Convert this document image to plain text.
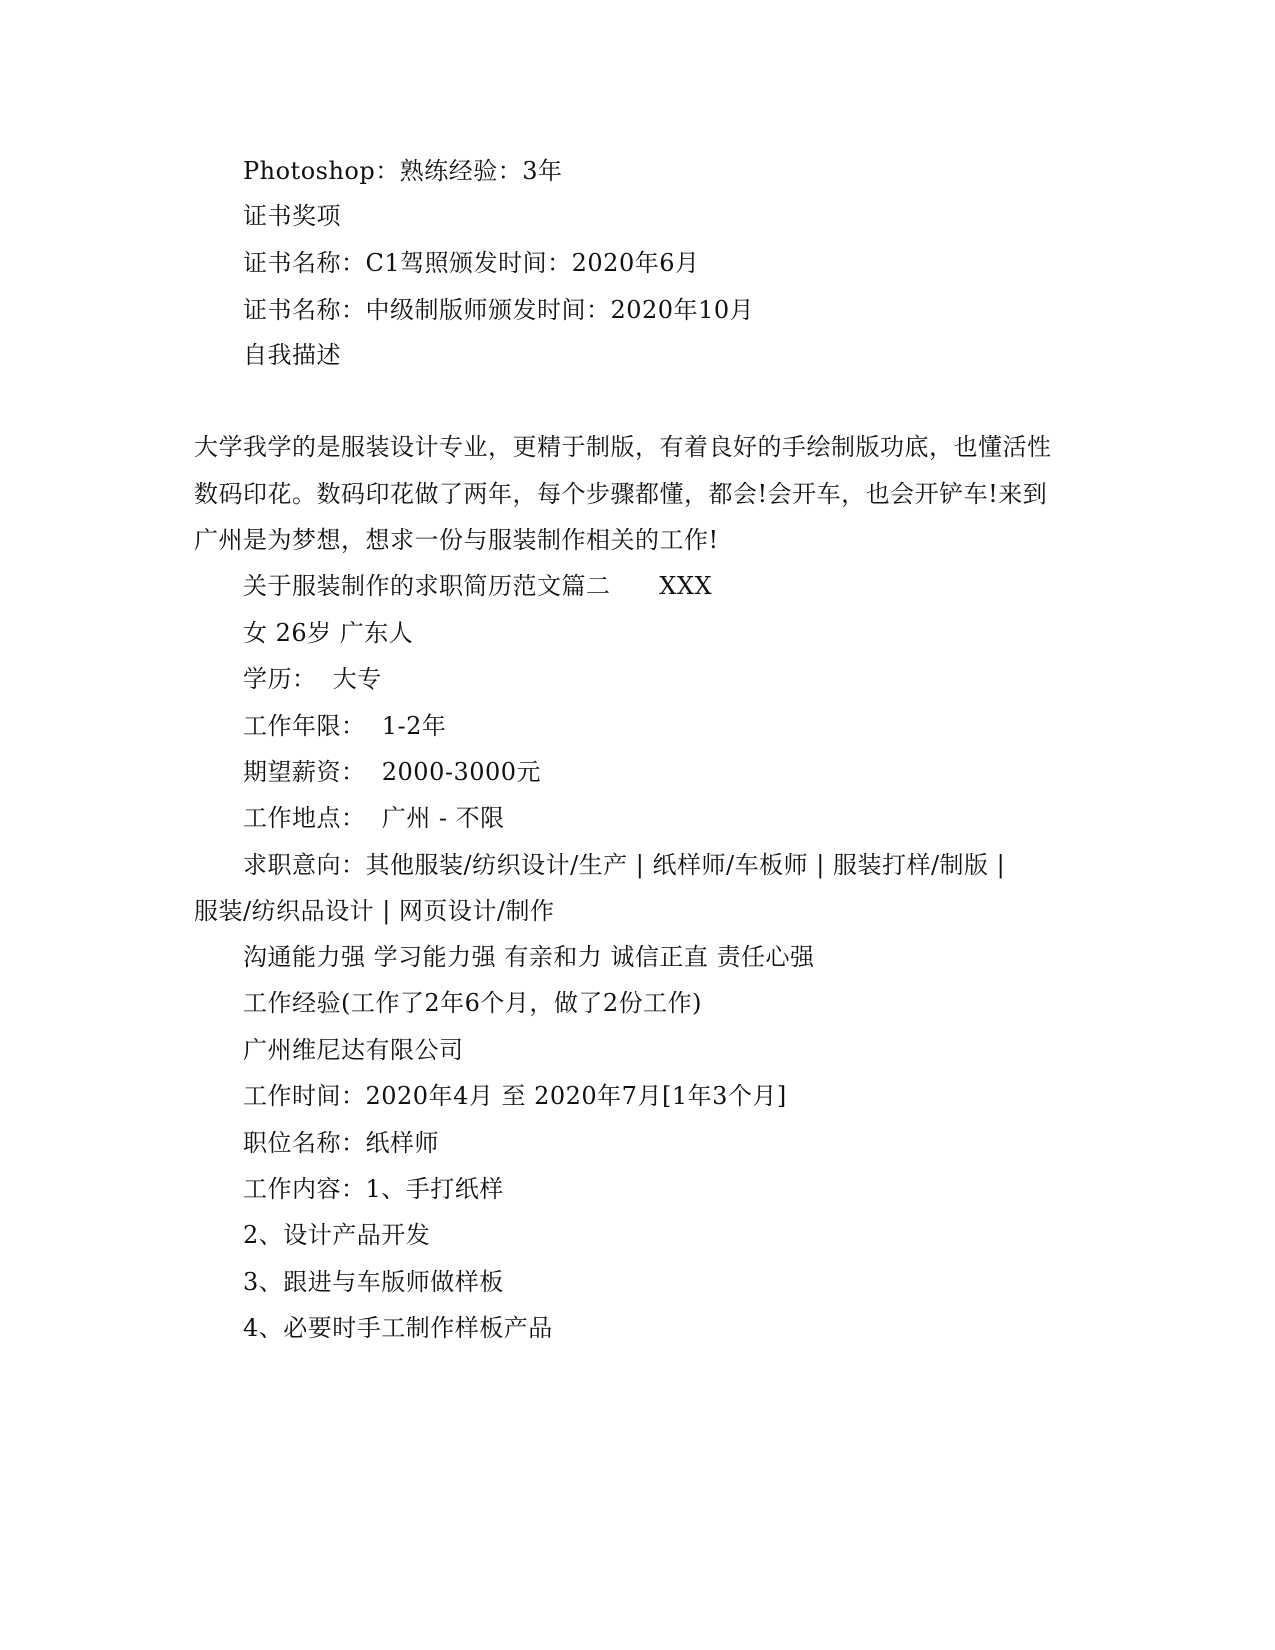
Photoshop：熟练经验：3年
证书奖项
证书名称：C1驾照颁发时间：2020年6月
证书名称：中级制版师颁发时间：2020年10月
自我描述
大学我学的是服装设计专业，更精于制版，有着良好的手绘制版功底，也懂活性
数码印花。数码印花做了两年，每个步骤都懂，都会!会开车，也会开铲车!来到
广州是为梦想，想求一份与服装制作相关的工作!
关于服装制作的求职简历范文篇二      XXX
女 26岁 广东人
学历：  大专
工作年限：  1-2年
期望薪资：  2000-3000元
工作地点：  广州 - 不限
求职意向：其他服装/纺织设计/生产 | 纸样师/车板师 | 服装打样/制版 |
服装/纺织品设计 | 网页设计/制作
沟通能力强 学习能力强 有亲和力 诚信正直 责任心强
工作经验(工作了2年6个月，做了2份工作)
广州维尼达有限公司
工作时间：2020年4月 至 2020年7月[1年3个月]
职位名称：纸样师
工作内容：1、手打纸样
2、设计产品开发
3、跟进与车版师做样板
4、必要时手工制作样板产品
